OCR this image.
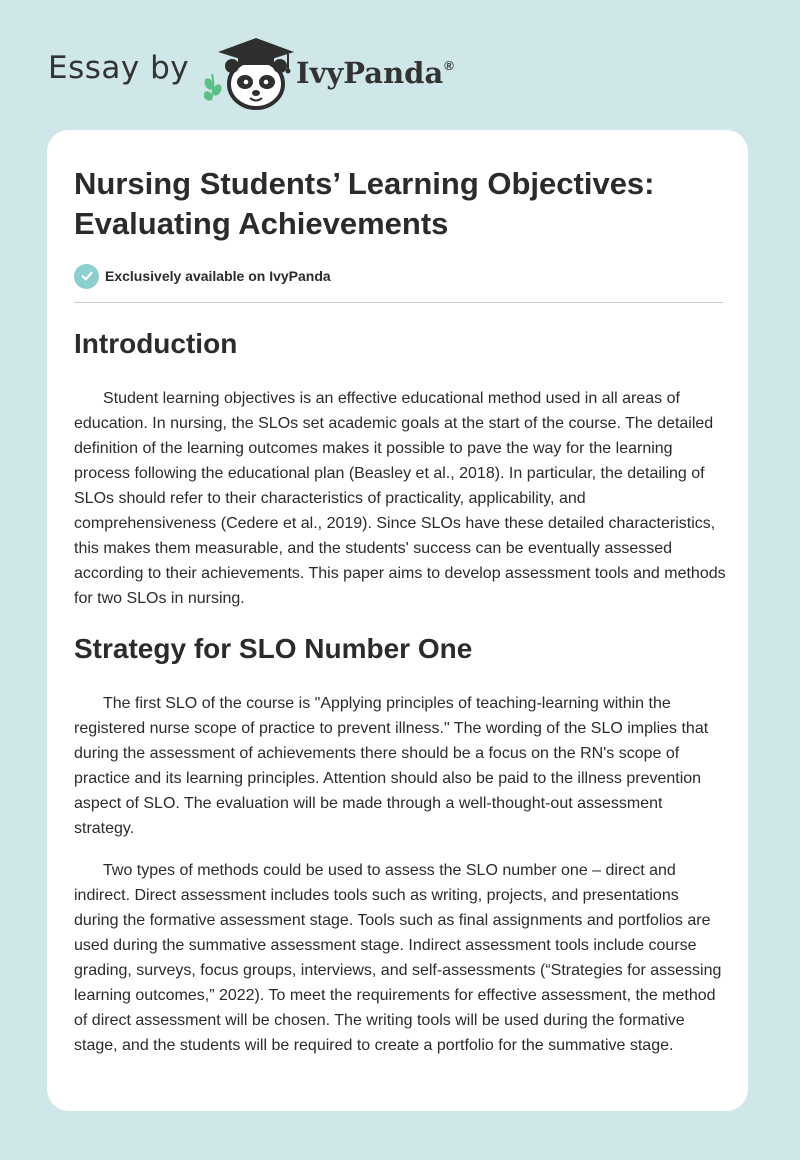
Essay by	IvyPanda®
Nursing Students’ Learning Objectives: Evaluating Achievements
Exclusively available on IvyPanda
Introduction

Student learning objectives is an effective educational method used in all areas of education. In nursing, the SLOs set academic goals at the start of the course. The detailed definition of the learning outcomes makes it possible to pave the way for the learning process following the educational plan (Beasley et al., 2018). In particular, the detailing of SLOs should refer to their characteristics of practicality, applicability, and comprehensiveness (Cedere et al., 2019). Since SLOs have these detailed characteristics, this makes them measurable, and the students' success can be eventually assessed according to their achievements. This paper aims to develop assessment tools and methods for two SLOs in nursing.

Strategy for SLO Number One

The first SLO of the course is "Applying principles of teaching-learning within the registered nurse scope of practice to prevent illness." The wording of the SLO implies that during the assessment of achievements there should be a focus on the RN's scope of practice and its learning principles. Attention should also be paid to the illness prevention aspect of SLO. The evaluation will be made through a well-thought-out assessment strategy.

Two types of methods could be used to assess the SLO number one – direct and indirect. Direct assessment includes tools such as writing, projects, and presentations during the formative assessment stage. Tools such as final assignments and portfolios are used during the summative assessment stage. Indirect assessment tools include course grading, surveys, focus groups, interviews, and self-assessments (“Strategies for assessing learning outcomes,” 2022). To meet the requirements for effective assessment, the method of direct assessment will be chosen. The writing tools will be used during the formative stage, and the students will be required to create a portfolio for the summative stage.
